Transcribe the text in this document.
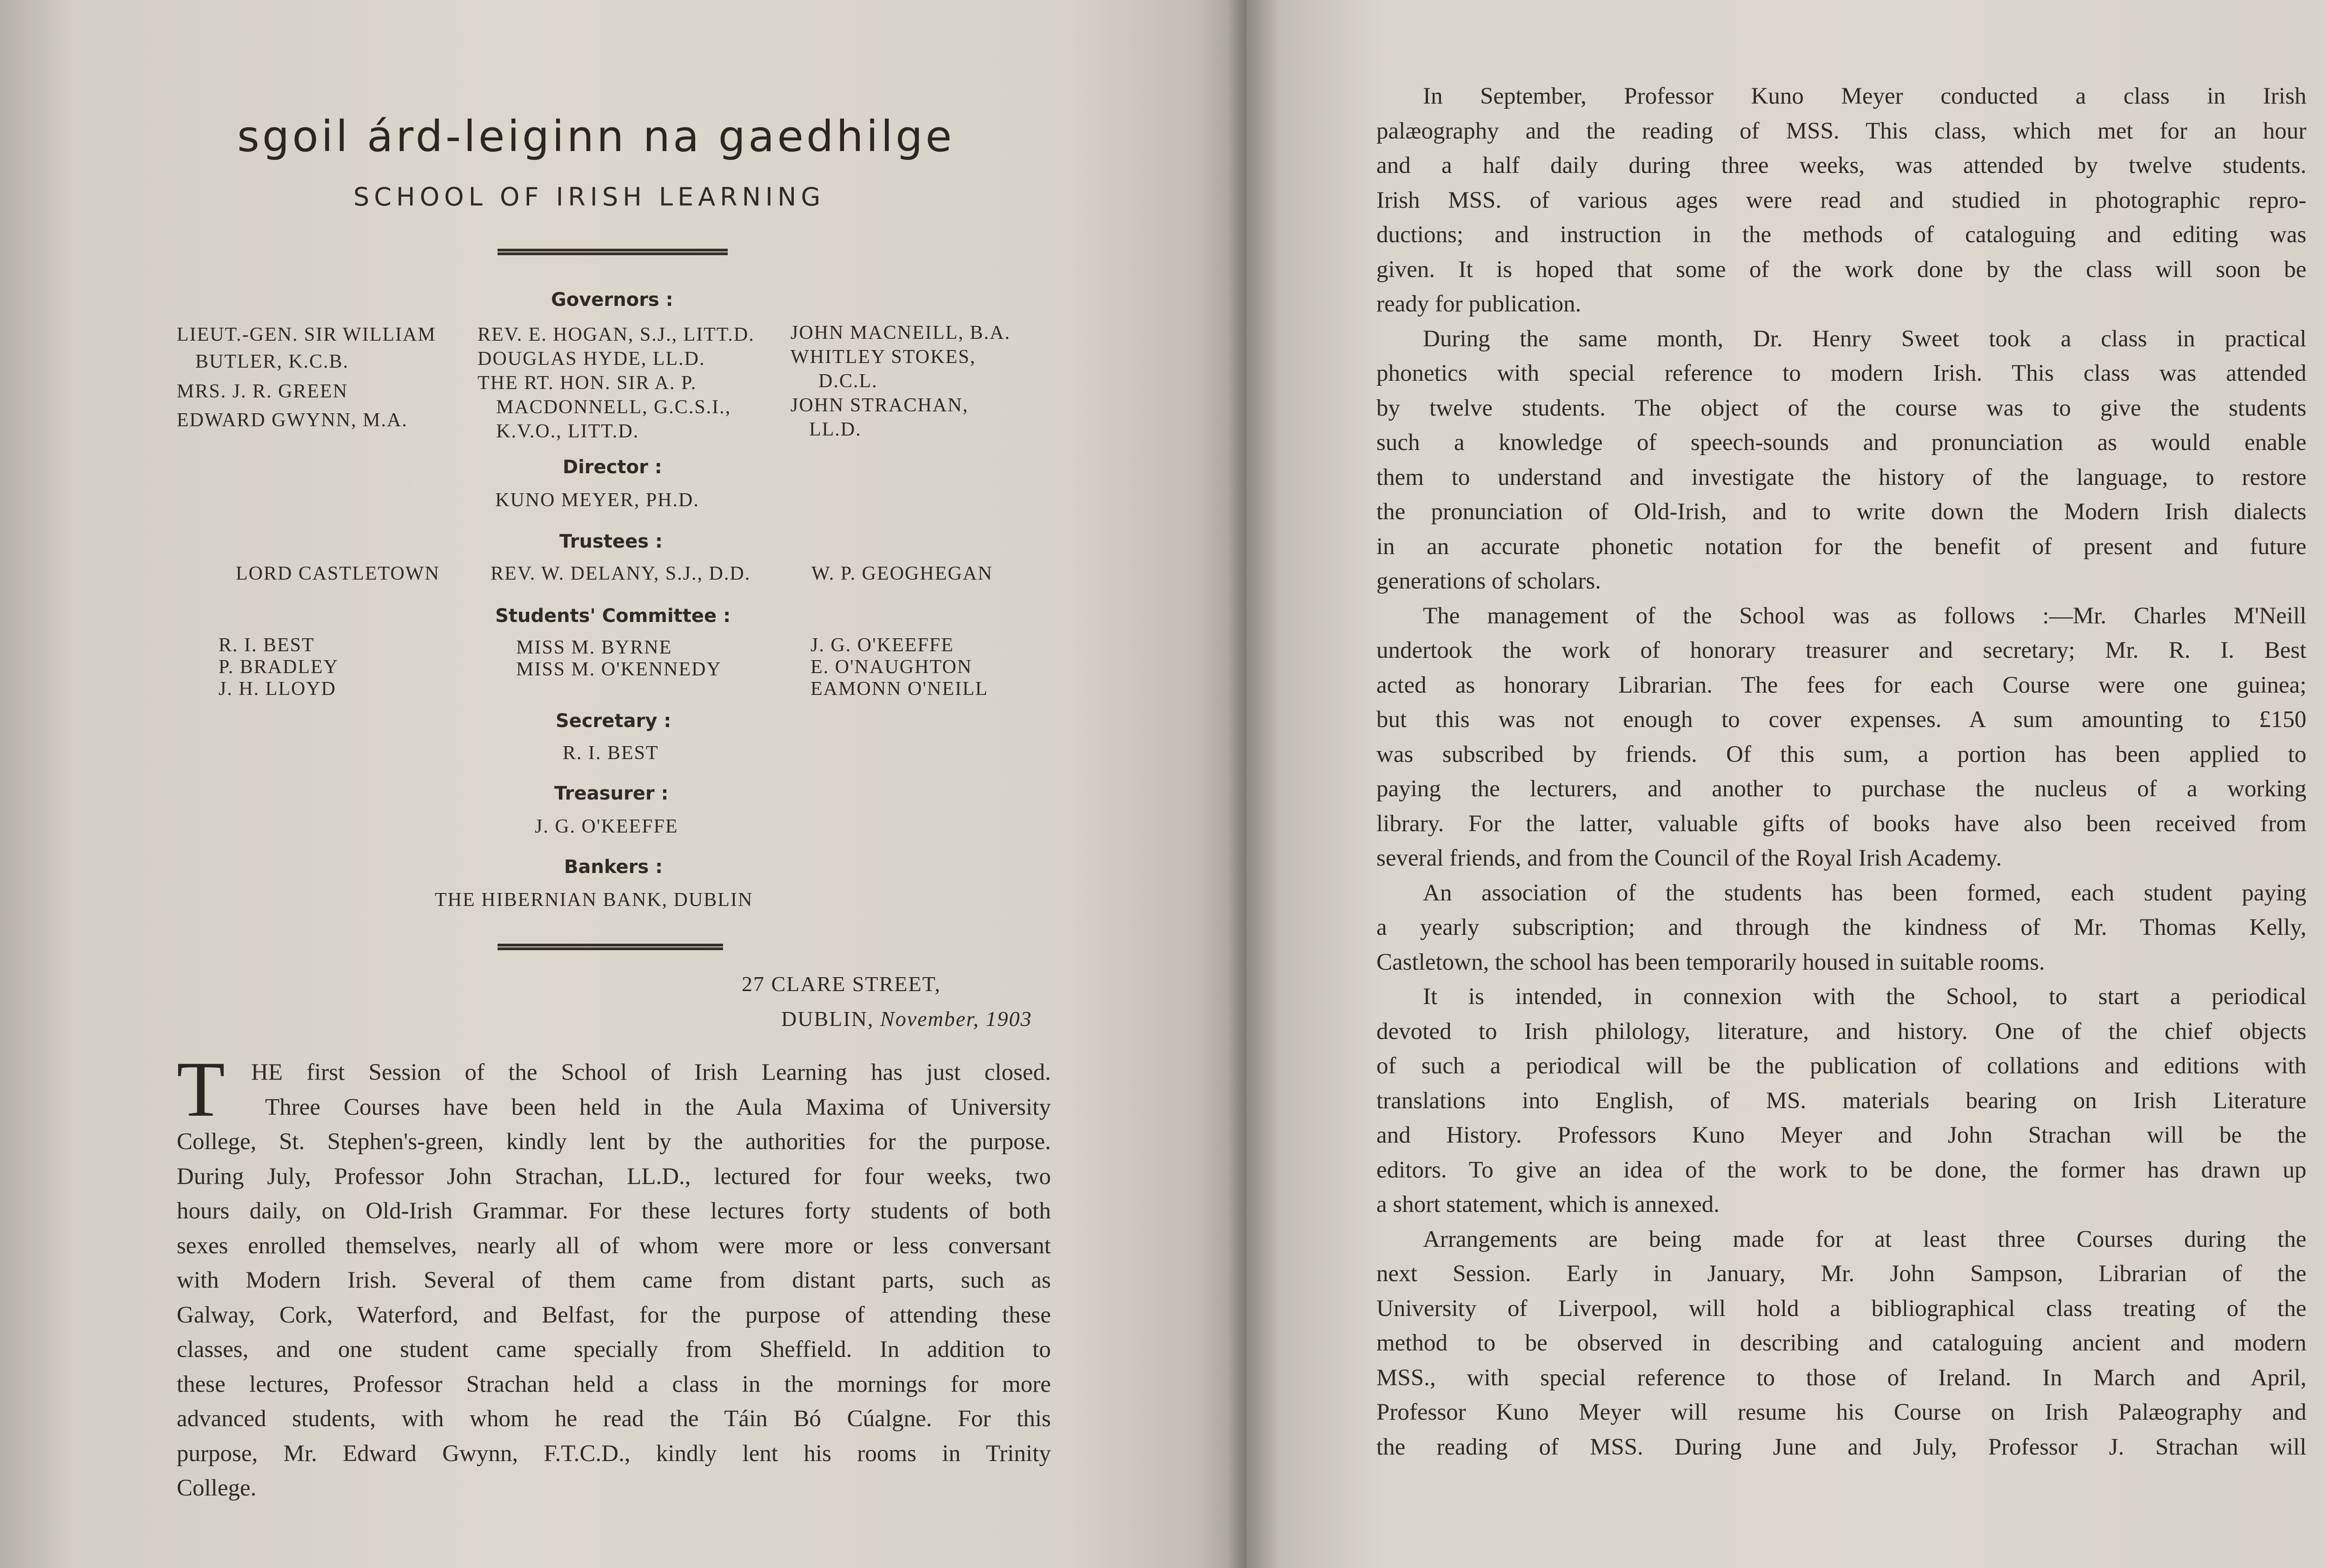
sgoil árd-leiginn na gaedhilge
SCHOOL OF IRISH LEARNING
Governors :
LIEUT.-GEN. SIR WILLIAM
BUTLER, K.C.B.
MRS. J. R. GREEN
EDWARD GWYNN, M.A.
REV. E. HOGAN, S.J., LITT.D.
DOUGLAS HYDE, LL.D.
THE RT. HON. SIR A. P.
MACDONNELL, G.C.S.I.,
K.V.O., LITT.D.
JOHN MACNEILL, B.A.
WHITLEY STOKES,
D.C.L.
JOHN STRACHAN,
LL.D.
Director :
KUNO MEYER, PH.D.
Trustees :
LORD CASTLETOWN	REV. W. DELANY, S.J., D.D.	W. P. GEOGHEGAN
Students' Committee :
R. I. BEST
P. BRADLEY
J. H. LLOYD
MISS M. BYRNE
MISS M. O'KENNEDY
J. G. O'KEEFFE
E. O'NAUGHTON
EAMONN O'NEILL
Secretary :
R. I. BEST
Treasurer :
J. G. O'KEEFFE
Bankers :
THE HIBERNIAN BANK, DUBLIN
27 CLARE STREET,
DUBLIN, November, 1903
T HE first Session of the School of Irish Learning has just closed.
Three Courses have been held in the Aula Maxima of University
College, St. Stephen's-green, kindly lent by the authorities for the purpose.
During July, Professor John Strachan, LL.D., lectured for four weeks, two
hours daily, on Old-Irish Grammar. For these lectures forty students of both
sexes enrolled themselves, nearly all of whom were more or less conversant
with Modern Irish. Several of them came from distant parts, such as
Galway, Cork, Waterford, and Belfast, for the purpose of attending these
classes, and one student came specially from Sheffield. In addition to
these lectures, Professor Strachan held a class in the mornings for more
advanced students, with whom he read the Táin Bó Cúalgne. For this
purpose, Mr. Edward Gwynn, F.T.C.D., kindly lent his rooms in Trinity
College.
In September, Professor Kuno Meyer conducted a class in Irish
palæography and the reading of MSS. This class, which met for an hour
and a half daily during three weeks, was attended by twelve students.
Irish MSS. of various ages were read and studied in photographic repro-
ductions; and instruction in the methods of cataloguing and editing was
given. It is hoped that some of the work done by the class will soon be
ready for publication.
During the same month, Dr. Henry Sweet took a class in practical
phonetics with special reference to modern Irish. This class was attended
by twelve students. The object of the course was to give the students
such a knowledge of speech-sounds and pronunciation as would enable
them to understand and investigate the history of the language, to restore
the pronunciation of Old-Irish, and to write down the Modern Irish dialects
in an accurate phonetic notation for the benefit of present and future
generations of scholars.
The management of the School was as follows :—Mr. Charles M'Neill
undertook the work of honorary treasurer and secretary; Mr. R. I. Best
acted as honorary Librarian. The fees for each Course were one guinea;
but this was not enough to cover expenses. A sum amounting to £150
was subscribed by friends. Of this sum, a portion has been applied to
paying the lecturers, and another to purchase the nucleus of a working
library. For the latter, valuable gifts of books have also been received from
several friends, and from the Council of the Royal Irish Academy.
An association of the students has been formed, each student paying
a yearly subscription; and through the kindness of Mr. Thomas Kelly,
Castletown, the school has been temporarily housed in suitable rooms.
It is intended, in connexion with the School, to start a periodical
devoted to Irish philology, literature, and history. One of the chief objects
of such a periodical will be the publication of collations and editions with
translations into English, of MS. materials bearing on Irish Literature
and History. Professors Kuno Meyer and John Strachan will be the
editors. To give an idea of the work to be done, the former has drawn up
a short statement, which is annexed.
Arrangements are being made for at least three Courses during the
next Session. Early in January, Mr. John Sampson, Librarian of the
University of Liverpool, will hold a bibliographical class treating of the
method to be observed in describing and cataloguing ancient and modern
MSS., with special reference to those of Ireland. In March and April,
Professor Kuno Meyer will resume his Course on Irish Palæography and
the reading of MSS. During June and July, Professor J. Strachan will
